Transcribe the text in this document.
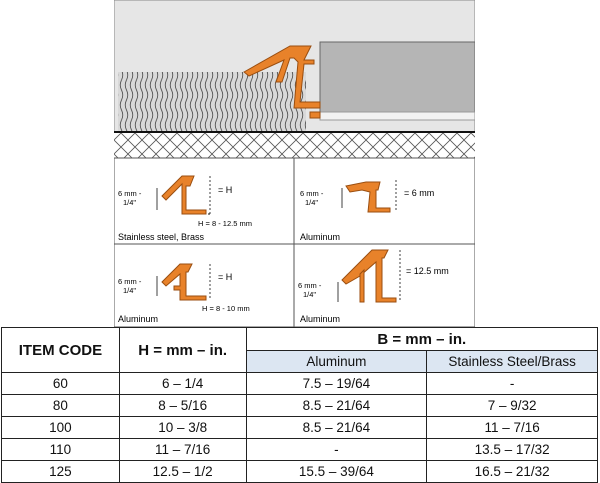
6 mm -
1/4"
= H
H = 8 - 12.5 mm
Stainless steel, Brass
6 mm -
1/4"
= 6 mm
Aluminum
6 mm -
1/4"
= H
H = 8 - 10 mm
Aluminum
6 mm -
1/4"
= 12.5 mm
Aluminum
ITEM CODE	H = mm – in.	B = mm – in.	
		Aluminum	Stainless Steel/Brass
60	6 – 1/4	7.5 – 19/64	-
80	8 – 5/16	8.5 – 21/64	7 – 9/32
100	10 – 3/8	8.5 – 21/64	11 – 7/16
110	11 – 7/16	-	13.5 – 17/32
125	12.5 – 1/2	15.5 – 39/64	16.5 – 21/32
